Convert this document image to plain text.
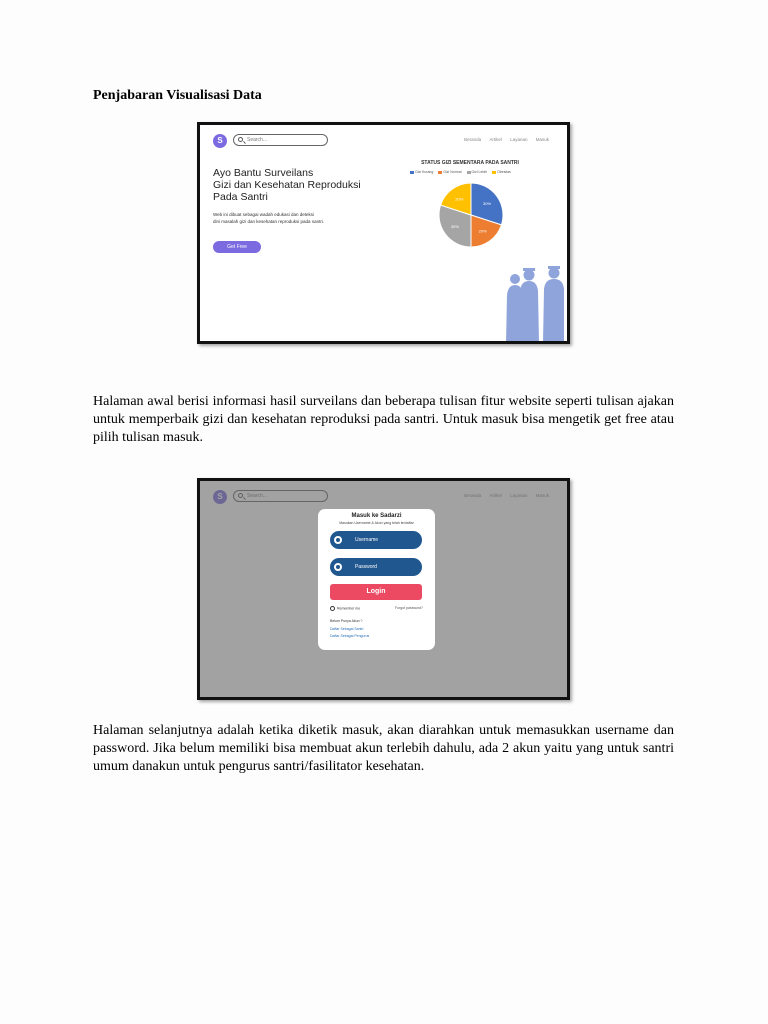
Penjabaran Visualisasi Data

S	Search...	Beranda Artikel Layanan Masuk
Ayo Bantu Surveilans
Gizi dan Kesehatan Reproduksi
Pada Santri
Web ini dibuat sebagai wadah edukasi dan deteksi
dini masalah gizi dan kesehatan reproduksi pada santri.
Get Free
STATUS GIZI SEMENTARA PADA SANTRI
Gizi Kurang	Gizi Normal	Gizi Lebih	Obesitas
30%
20%
30%
20%

Halaman awal berisi informasi hasil surveilans dan beberapa tulisan fitur website seperti tulisan ajakan untuk memperbaik gizi dan kesehatan reproduksi pada santri. Untuk masuk bisa mengetik get free atau pilih tulisan masuk.

Masuk ke Sadarzi
Masukan Username & Akun yang telah terdaftar
Username
Password
Login
Remember me	Forgot password?
Belum Punya Akun ?
Daftar Sebagai Santri
Daftar Sebagai Pengurus

Halaman selanjutnya adalah ketika diketik masuk, akan diarahkan untuk memasukkan username dan password. Jika belum memiliki bisa membuat akun terlebih dahulu, ada 2 akun yaitu yang untuk santri umum danakun untuk pengurus santri/fasilitator kesehatan.
